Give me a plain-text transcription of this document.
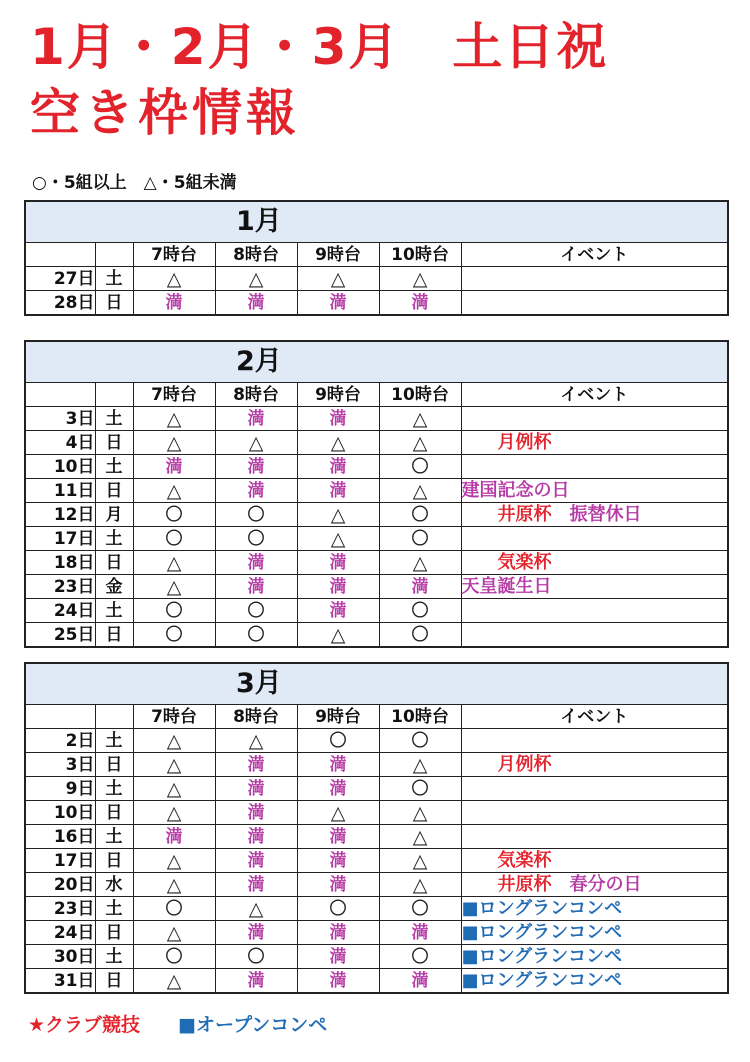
1月・2月・3月　土日祝
空き枠情報
○・5組以上　△・5組未満
1月						
		7時台	8時台	9時台	10時台	イベント
27日	土	△	△	△	△	
28日	日	満	満	満	満	
2月						
		7時台	8時台	9時台	10時台	イベント
3日	土	△	満	満	△	
4日	日	△	△	△	△	　　月例杯
10日	土	満	満	満	〇	
11日	日	△	満	満	△	建国記念の日
12日	月	〇	〇	△	〇	　　井原杯　振替休日
17日	土	〇	〇	△	〇	
18日	日	△	満	満	△	　　気楽杯
23日	金	△	満	満	満	天皇誕生日
24日	土	〇	〇	満	〇	
25日	日	〇	〇	△	〇	
3月						
		7時台	8時台	9時台	10時台	イベント
2日	土	△	△	〇	〇	
3日	日	△	満	満	△	　　月例杯
9日	土	△	満	満	〇	
10日	日	△	満	△	△	
16日	土	満	満	満	△	
17日	日	△	満	満	△	　　気楽杯
20日	水	△	満	満	△	　　井原杯　春分の日
23日	土	〇	△	〇	〇	■ロングランコンペ
24日	日	△	満	満	満	■ロングランコンペ
30日	土	〇	〇	満	〇	■ロングランコンペ
31日	日	△	満	満	満	■ロングランコンペ
★クラブ競技　　 ■オープンコンペ
